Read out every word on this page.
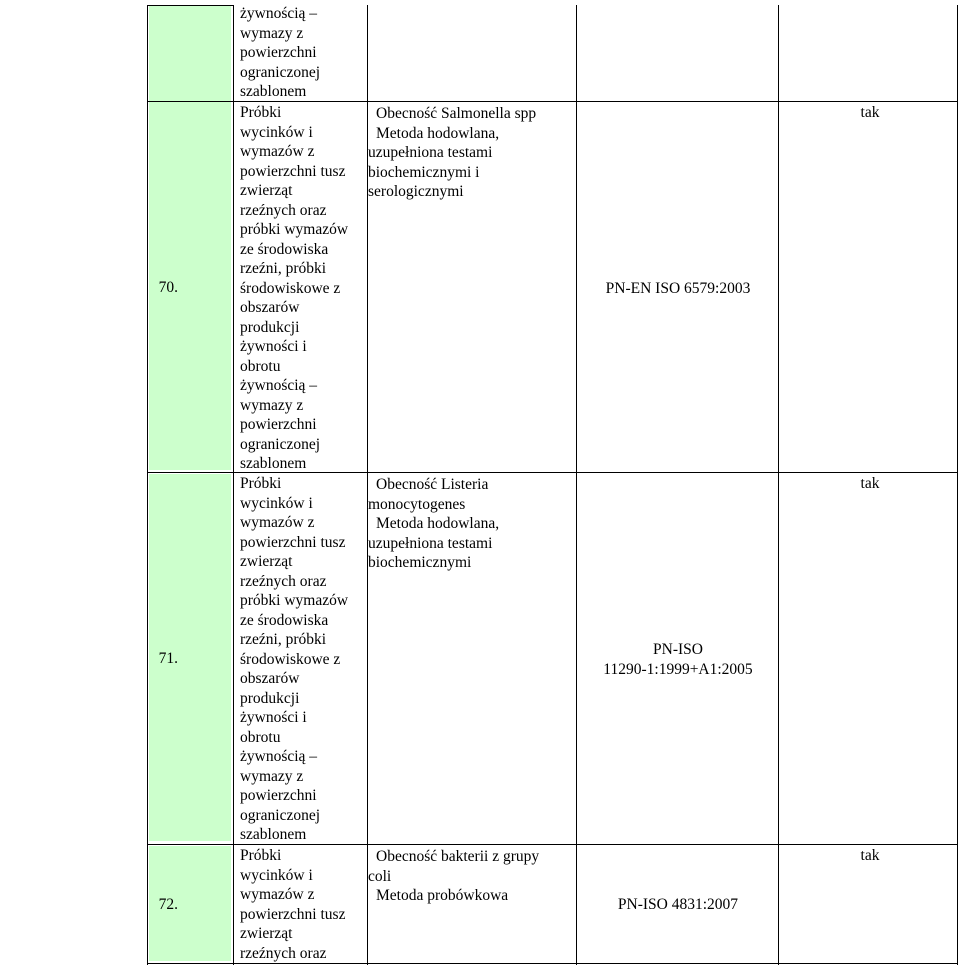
żywnością –
wymazy z
powierzchni
ograniczonej
szablonem
70.
Próbki
wycinków i
wymazów z
powierzchni tusz
zwierząt
rzeźnych oraz
próbki wymazów
ze środowiska
rzeźni, próbki
środowiskowe z
obszarów
produkcji
żywności i
obrotu
żywnością –
wymazy z
powierzchni
ograniczonej
szablonem
Obecność Salmonella spp
Metoda hodowlana,
uzupełniona testami
biochemicznymi i
serologicznymi
PN-EN ISO 6579:2003
tak
71.
Próbki
wycinków i
wymazów z
powierzchni tusz
zwierząt
rzeźnych oraz
próbki wymazów
ze środowiska
rzeźni, próbki
środowiskowe z
obszarów
produkcji
żywności i
obrotu
żywnością –
wymazy z
powierzchni
ograniczonej
szablonem
Obecność Listeria
monocytogenes
Metoda hodowlana,
uzupełniona testami
biochemicznymi
PN-ISO
11290-1:1999+A1:2005
tak
72.
Próbki
wycinków i
wymazów z
powierzchni tusz
zwierząt
rzeźnych oraz
Obecność bakterii z grupy
coli
Metoda probówkowa
PN-ISO 4831:2007
tak
